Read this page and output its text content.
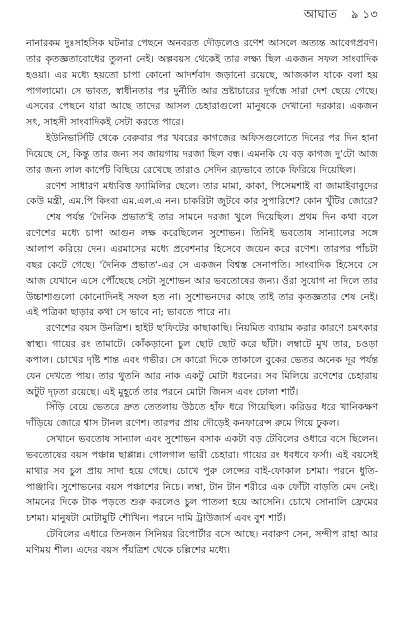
আঘাত ঌ ১৩

নানারকম দুঃসাহসিক ঘটনার পেছনে অনবরত দৌড়লেও রণেশ আসলে অত্যন্ত আবেগপ্রবণ। তার কৃতজ্ঞতাবোধের তুলনা নেই। অল্পবয়স থেকেই তার লক্ষ্য ছিল একজন সফল সাংবাদিক হওয়া। এর মধ্যে হয়তো চাপা কোনো আদর্শবাদ জড়ানো রয়েছে, আজকাল যাকে বলা হয় পাগলামো। সে ভাবত, স্বাধীনতার পর দুর্নীতি আর ভ্রষ্টাচারের দূর্গন্ধে সারা দেশ ছেয়ে গেছে। এসবের পেছনে যারা আছে তাদের আসল চেহারাগুলো মানুষকে দেখানো দরকার। একজন সৎ, সাহসী সাংবাদিকই সেটা করতে পারে।

ইউনিভার্সিটি থেকে বেরুবার পর খবরের কাগজের অফিসগুলোতে দিনের পর দিন হানা দিয়েছে সে, কিন্তু তার জন্য সব জায়গায় দরজা ছিল বন্ধ। এমনকি যে বড় কাগজ দু'টো আজ তার জন্য লাল কার্পেট বিছিয়ে রেখেছে তারাও সেদিন রূঢ়ভাবে তাকে ফিরিয়ে দিয়েছিল।

রণেশ সাধারণ মধ্যবিত্ত ফ্যামিলির ছেলে। তার মামা, কাকা, পিসেমশাই বা জামাইবাবুদের কেউ মন্ত্রী, এম.পি কিংবা এম.এল.এ নন। চাকরিটা জুটবে কার সুপারিশে? কোন খুঁটির জোরে?

শেষ পর্যন্ত 'দৈনিক প্রভাত'ই তার সামনে দরজা খুলে দিয়েছিল। প্রথম দিন কথা বলে রণেশের মধ্যে চাপা আগুন লক্ষ করেছিলেন সুশোভন। তিনিই ভবতোষ সান্যালের সঙ্গে আলাপ করিয়ে দেন। এরমাসের মধ্যে প্রবেশনার হিসেবে জয়েন করে রণেশ। তারপর পাঁচটা বছর কেটে গেছে। 'দৈনিক প্রভাত'-এর সে একজন বিশ্বস্ত সেনাপতি। সাংবাদিক হিসেবে সে আজ যেখানে এসে পৌঁছেছে সেটা সুশোভন আর ভবতোষের জন্য। ওঁরা সুযোগ না দিলে তার উচ্চাশাগুলো কোনোদিনই সফল হত না। সুশোভনদের কাছে তাই তার কৃতজ্ঞতার শেষ নেই। এই পত্রিকা ছাড়ার কথা সে ভাবে না; ভাবতে পারে না।

রণেশের বয়স উনত্রিশ। হাইট ছ'ফিটের কাছাকাছি। নিয়মিত ব্যায়াম করার কারণে চমৎকার স্বাস্থ্য। গায়ের রং তামাটে। কোঁকড়ানো চুল ছোট ছোট করে ছাঁটা। লম্বাটে মুখ তার, চওড়া কপাল। চোখের দৃষ্টি শান্ত এবং গভীর। সে কারো দিকে তাকালে বুকের ভেতর অনেক দূর পর্যন্ত যেন দেখতে পায়। তার থুতনি আর নাক একটু মোটা ধরনের। সব মিলিয়ে রণেশের চেহারায় অটুট দৃঢ়তা রয়েছে। এই মুহূর্তে তার পরনে মোটা জিনস এবং ঢোলা শার্ট।

সিঁড়ি বেয়ে ভেতরে দ্রুত তেতলায় উঠতে হাঁফ ধরে গিয়েছিল। করিডর ধরে খানিকক্ষণ দাঁড়িয়ে জোরে শ্বাস টানল রণেশ। তারপর প্রায় দৌড়েই কনফারেন্স রুমে গিয়ে ঢুকল।

সেখানে ভবতোষ সান্যাল এবং সুশোভন বসাক একটা বড় টেবিলের ওধারে বসে ছিলেন। ভবতোষের বয়স পঞ্চান্ন ছাপ্পান্ন। গোলগাল ভারী চেহারা। গায়ের রং ধবধবে ফর্সা। এই বয়সেই মাথার সব চুল প্রায় সাদা হয়ে গেছে। চোখে পুরু লেন্সের বাই-ফোকাল চশমা। পরনে ধুতি-পাঞ্জাবি। সুশোভনের বয়স পঞ্চাশের নিচে। লম্বা, টান টান শরীরে এক ফোঁটা বাড়তি মেদ নেই। সামনের দিকে টাক পড়তে শুরু করলেও চুল পাতলা হয়ে আসেনি। চোখে সোনালি ফ্রেমের চশমা। মানুষটা মোটামুটি শৌখিন। পরনে দামি ট্রাউজার্স এবং বুশ শার্ট।

টেবিলের এধারে তিনজন সিনিয়র রিপোর্টার বসে আছে। নবারুণ সেন, সন্দীপ রাহা আর মণিময় শীল। এদের বয়স পঁয়ত্রিশ থেকে চল্লিশের মধ্যে।
